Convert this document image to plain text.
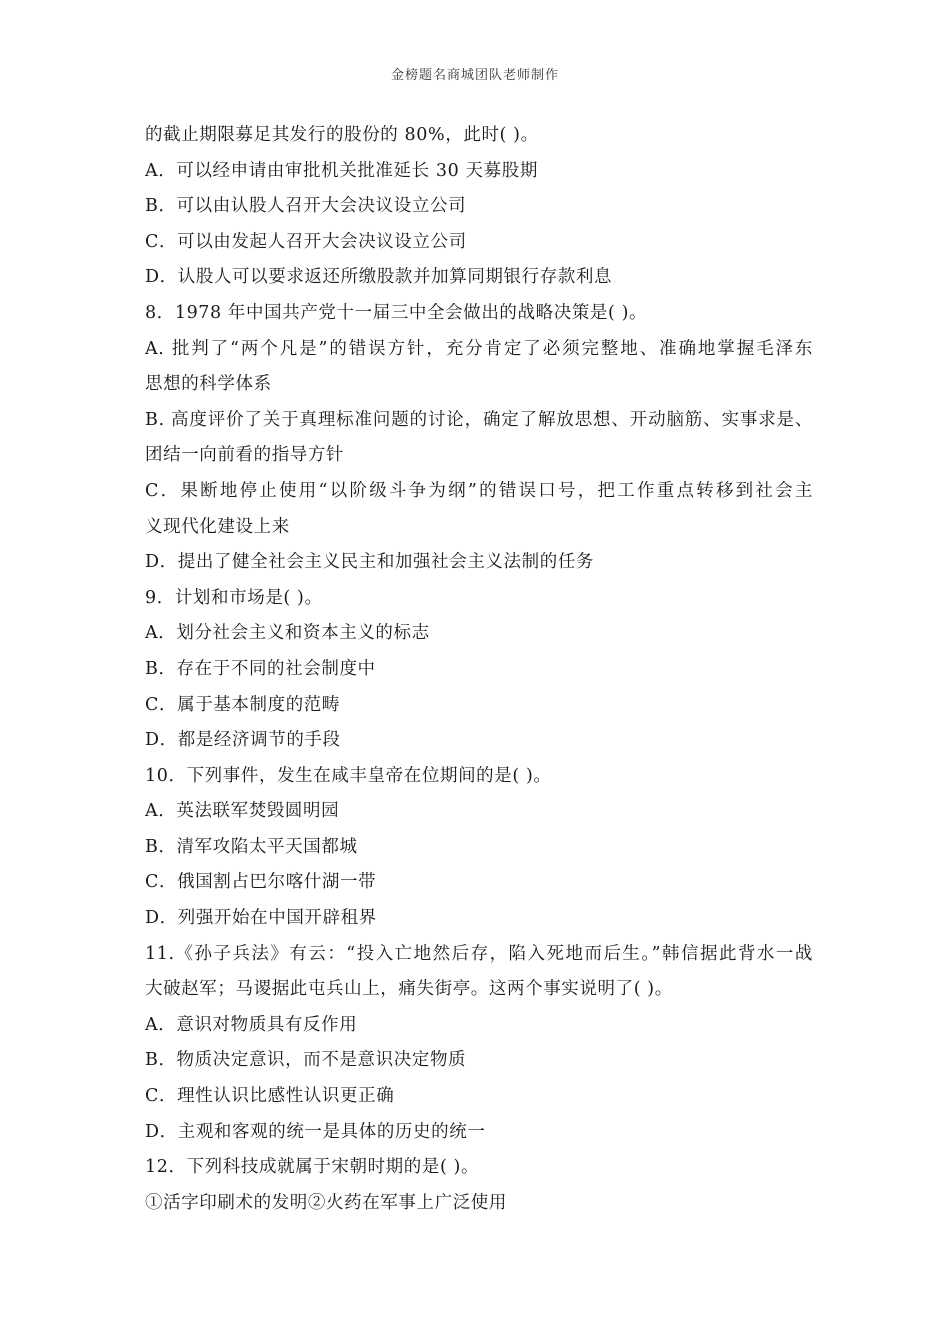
金榜题名商城团队老师制作
的截止期限募足其发行的股份的 80%，此时( )。
A．可以经申请由审批机关批准延长 30 天募股期
B．可以由认股人召开大会决议设立公司
C．可以由发起人召开大会决议设立公司
D．认股人可以要求返还所缴股款并加算同期银行存款利息
8．1978 年中国共产党十一届三中全会做出的战略决策是( )。
A. 批判了“两个凡是”的错误方针，充分肯定了必须完整地、准确地掌握毛泽东
思想的科学体系
B. 高度评价了关于真理标准问题的讨论，确定了解放思想、开动脑筋、实事求是、
团结一向前看的指导方针
C．果断地停止使用“以阶级斗争为纲”的错误口号，把工作重点转移到社会主
义现代化建设上来
D．提出了健全社会主义民主和加强社会主义法制的任务
9．计划和市场是( )。
A．划分社会主义和资本主义的标志
B．存在于不同的社会制度中
C．属于基本制度的范畴
D．都是经济调节的手段
10．下列事件，发生在咸丰皇帝在位期间的是( )。
A．英法联军焚毁圆明园
B．清军攻陷太平天国都城
C．俄国割占巴尔喀什湖一带
D．列强开始在中国开辟租界
11.《孙子兵法》有云：“投入亡地然后存，陷入死地而后生。”韩信据此背水一战
大破赵军；马谡据此屯兵山上，痛失街亭。这两个事实说明了( )。
A．意识对物质具有反作用
B．物质决定意识，而不是意识决定物质
C．理性认识比感性认识更正确
D．主观和客观的统一是具体的历史的统一
12．下列科技成就属于宋朝时期的是( )。
①活字印刷术的发明②火药在军事上广泛使用
